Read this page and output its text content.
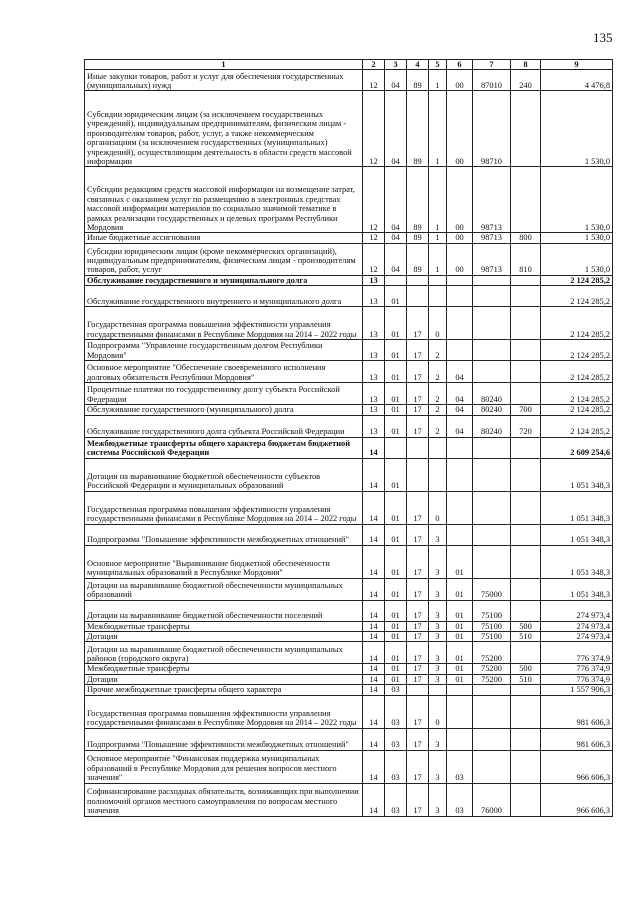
135
1	2	3	4	5	6	7	8	9
Иные закупки товаров, работ и услуг для обеспечения государственных (муниципальных) нужд	12	04	89	1	00	87010	240	4 476,8
Субсидии юридическим лицам (за исключением государственных учреждений), индивидуальным предпринимателям, физическим лицам - производителям товаров, работ, услуг, а также некоммерческим организациям (за исключением государственных (муниципальных) учреждений), осуществляющим деятельность в области средств массовой информации	12	04	89	1	00	98710		1 530,0
Субсидии редакциям средств массовой информации на возмещение затрат, связанных с оказанием услуг по размещению в электронных средствах массовой информации материалов по социально значимой тематике в рамках реализации государственных и целевых программ Республики Мордовия	12	04	89	1	00	98713		1 530,0
Иные бюджетные ассигнования	12	04	89	1	00	98713	800	1 530,0
Субсидии юридическим лицам (кроме некоммерческих организаций), индивидуальным предпринимателям, физическим лицам - производителям товаров, работ, услуг	12	04	89	1	00	98713	810	1 530,0
Обслуживание государственного и муниципального долга	13							2 124 285,2
Обслуживание государственного внутреннего и муниципального долга	13	01						2 124 285,2
Государственная программа повышения эффективности управления государственными финансами в Республике Мордовия на 2014 – 2022 годы	13	01	17	0				2 124 285,2
Подпрограмма "Управление государственным долгом Республики Мордовия"	13	01	17	2				2 124 285,2
Основное мероприятие "Обеспечение своевременного исполнения долговых обязательств Республики Мордовия"	13	01	17	2	04			2 124 285,2
Процентные платежи по государственному долгу субъекта Российской Федерации	13	01	17	2	04	80240		2 124 285,2
Обслуживание государственного (муниципального) долга	13	01	17	2	04	80240	700	2 124 285,2
Обслуживание государственного долга субъекта Российской Федерации	13	01	17	2	04	80240	720	2 124 285,2
Межбюджетные трансферты общего характера бюджетам бюджетной системы Российской Федерации	14							2 609 254,6
Дотации на выравнивание бюджетной обеспеченности субъектов Российской Федерации и муниципальных образований	14	01						1 051 348,3
Государственная программа повышения эффективности управления государственными финансами в Республике Мордовия на 2014 – 2022 годы	14	01	17	0				1 051 348,3
Подпрограмма "Повышение эффективности межбюджетных отношений"	14	01	17	3				1 051 348,3
Основное мероприятие "Выравнивание бюджетной обеспеченности муниципальных образований в Республике Мордовия"	14	01	17	3	01			1 051 348,3
Дотации на выравнивание бюджетной обеспеченности муниципальных образований	14	01	17	3	01	75000		1 051 348,3
Дотации на выравнивание бюджетной обеспеченности поселений	14	01	17	3	01	75100		274 973,4
Межбюджетные трансферты	14	01	17	3	01	75100	500	274 973,4
Дотации	14	01	17	3	01	75100	510	274 973,4
Дотации на выравнивание бюджетной обеспеченности муниципальных районов (городского округа)	14	01	17	3	01	75200		776 374,9
Межбюджетные трансферты	14	01	17	3	01	75200	500	776 374,9
Дотации	14	01	17	3	01	75200	510	776 374,9
Прочие межбюджетные трансферты общего характера	14	03						1 557 906,3
Государственная программа повышения эффективности управления государственными финансами в Республике Мордовия на 2014 – 2022 годы	14	03	17	0				981 606,3
Подпрограмма "Повышение эффективности межбюджетных отношений"	14	03	17	3				981 606,3
Основное мероприятие "Финансовая поддержка муниципальных образований в Республике Мордовия для решения вопросов местного значения"	14	03	17	3	03			966 606,3
Софинансирование расходных обязательств, возникающих при выполнении полномочий органов местного самоуправления по вопросам местного значения	14	03	17	3	03	76000		966 606,3
